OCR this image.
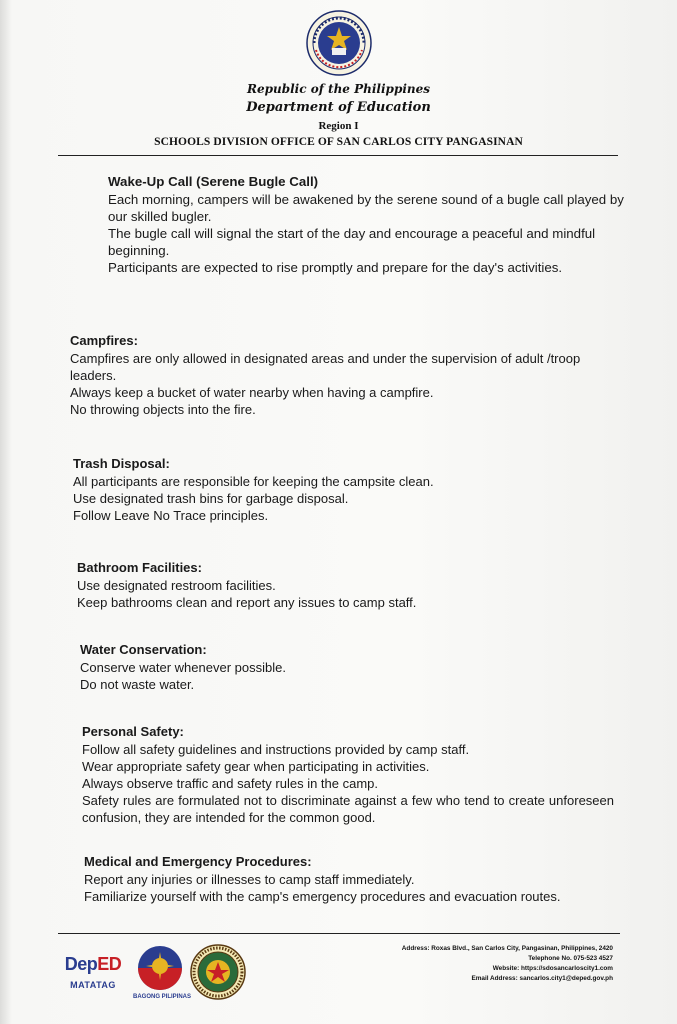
Republic of the Philippines
Department of Education
Region I
SCHOOLS DIVISION OFFICE OF SAN CARLOS CITY PANGASINAN
Wake-Up Call (Serene Bugle Call)
Each morning, campers will be awakened by the serene sound of a bugle call played by our skilled bugler.
The bugle call will signal the start of the day and encourage a peaceful and mindful beginning.
Participants are expected to rise promptly and prepare for the day's activities.
Campfires:

Campfires are only allowed in designated areas and under the supervision of adult /troop leaders.

Always keep a bucket of water nearby when having a campfire.

No throwing objects into the fire.

Trash Disposal:

All participants are responsible for keeping the campsite clean.

Use designated trash bins for garbage disposal.

Follow Leave No Trace principles.

Bathroom Facilities:

Use designated restroom facilities.

Keep bathrooms clean and report any issues to camp staff.

Water Conservation:

Conserve water whenever possible.

Do not waste water.

Personal Safety:

Follow all safety guidelines and instructions provided by camp staff.

Wear appropriate safety gear when participating in activities.

Always observe traffic and safety rules in the camp.

Safety rules are formulated not to discriminate against a few who tend to create unforeseen confusion, they are intended for the common good.

Medical and Emergency Procedures:

Report any injuries or illnesses to camp staff immediately.

Familiarize yourself with the camp's emergency procedures and evacuation routes.

DepED
MATATAG
BAGONG PILIPINAS
Address: Roxas Blvd., San Carlos City, Pangasinan, Philippines, 2420
Telephone No. 075-523 4527
Website: https://sdosancarloscity1.com
Email Address: sancarlos.city1@deped.gov.ph
